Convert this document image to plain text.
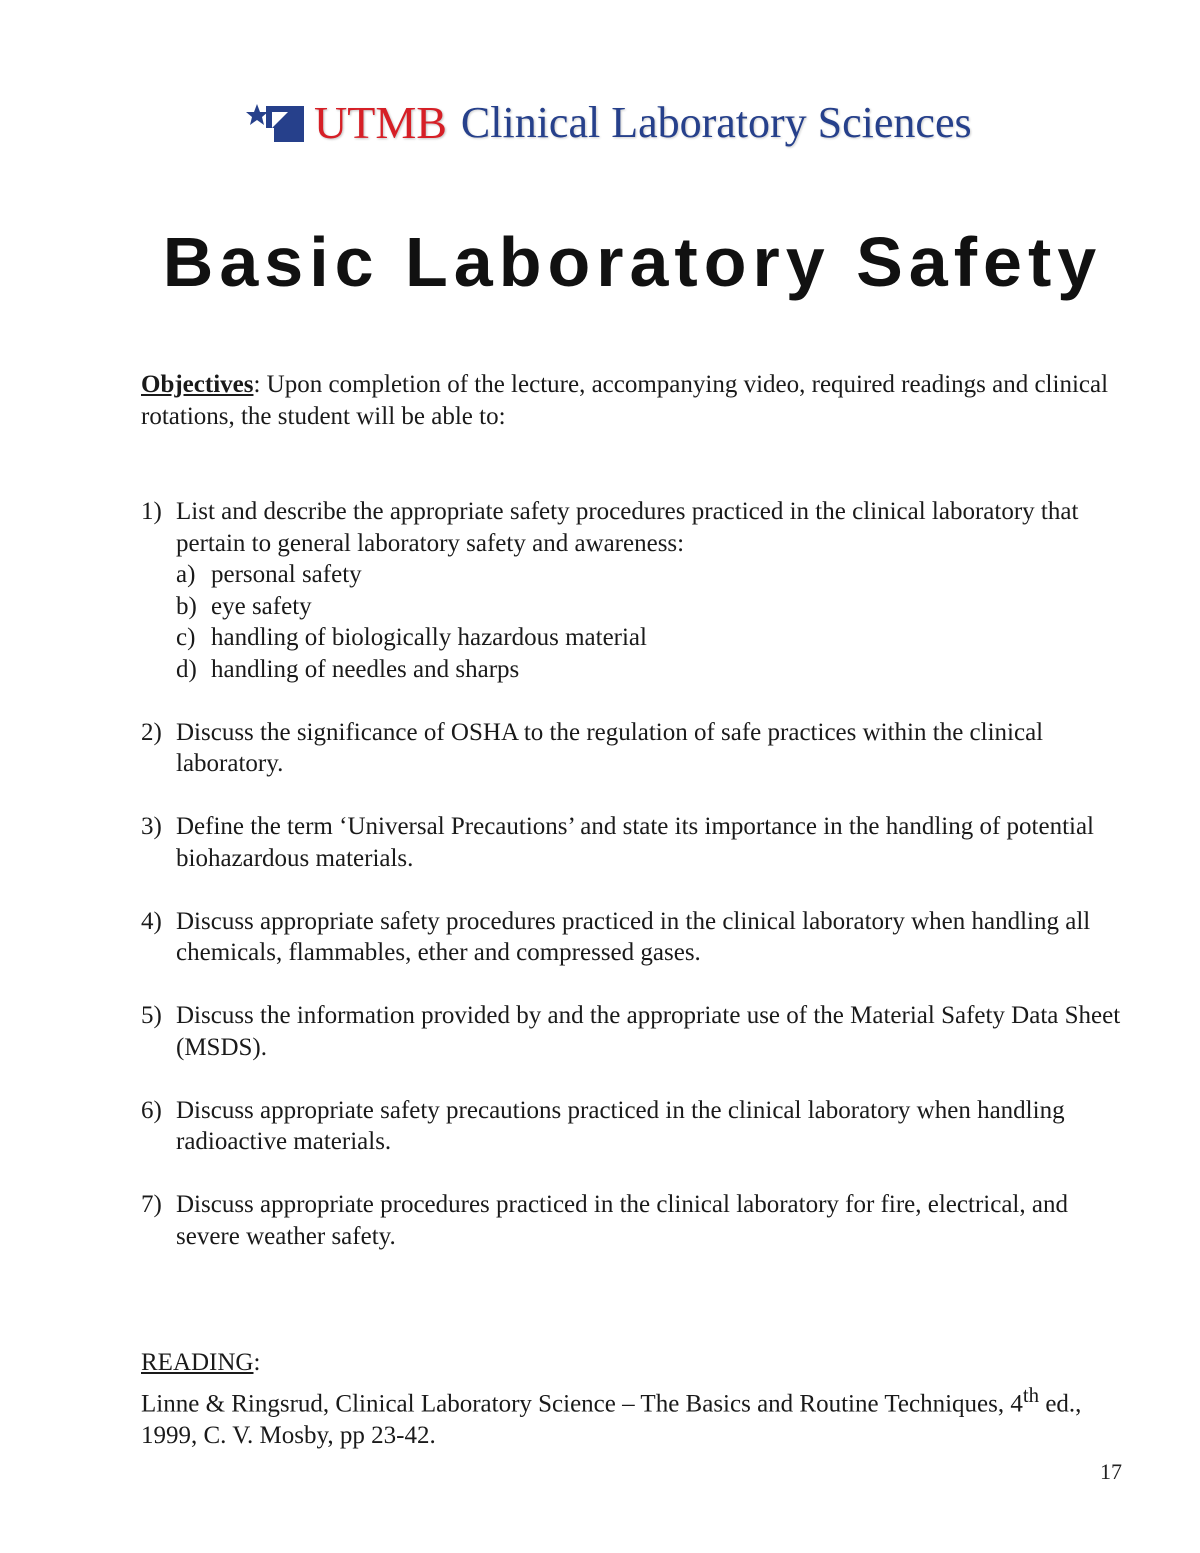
UTMB Clinical Laboratory Sciences
Basic Laboratory Safety

Objectives: Upon completion of the lecture, accompanying video, required readings and clinical rotations, the student will be able to:

1) List and describe the appropriate safety procedures practiced in the clinical laboratory that pertain to general laboratory safety and awareness:
a) personal safety
b) eye safety
c) handling of biologically hazardous material
d) handling of needles and sharps
2) Discuss the significance of OSHA to the regulation of safe practices within the clinical laboratory.
3) Define the term ‘Universal Precautions’ and state its importance in the handling of potential biohazardous materials.
4) Discuss appropriate safety procedures practiced in the clinical laboratory when handling all chemicals, flammables, ether and compressed gases.
5) Discuss the information provided by and the appropriate use of the Material Safety Data Sheet (MSDS).
6) Discuss appropriate safety precautions practiced in the clinical laboratory when handling radioactive materials.
7) Discuss appropriate procedures practiced in the clinical laboratory for fire, electrical, and severe weather safety.
READING:
Linne & Ringsrud, Clinical Laboratory Science – The Basics and Routine Techniques, 4th ed., 1999, C. V. Mosby, pp 23-42.
17
